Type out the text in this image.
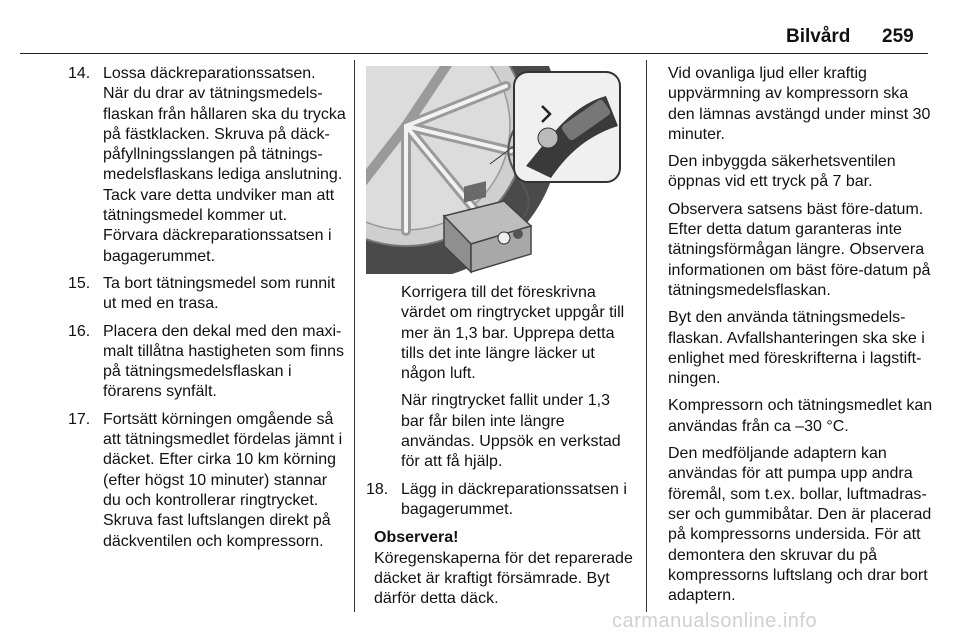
Bilvård 259
14. Lossa däckreparationssatsen.

När du drar av tätningsmedelsflaskan från hållaren ska du trycka på fästklacken. Skruva på däckpåfyllningsslangen på tätningsmedelsflaskans lediga anslutning. Tack vare detta undviker man att tätningsmedel kommer ut.

Förvara däckreparationssatsen i bagagerummet.

15. Ta bort tätningsmedel som runnit ut med en trasa.

16. Placera den dekal med den maximalt tillåtna hastigheten som finns på tätningsmedelsflaskan i förarens synfält.

17. Fortsätt körningen omgående så att tätningsmedlet fördelas jämnt i däcket. Efter cirka 10 km körning (efter högst 10 minuter) stannar du och kontrollerar ringtrycket. Skruva fast luftslangen direkt på däckventilen och kompressorn.

Korrigera till det föreskrivna värdet om ringtrycket uppgår till mer än 1,3 bar. Upprepa detta tills det inte längre läcker ut någon luft.

När ringtrycket fallit under 1,3 bar får bilen inte längre användas. Uppsök en verkstad för att få hjälp.

18. Lägg in däckreparationssatsen i bagagerummet.

Observera!

Köregenskaperna för det reparerade däcket är kraftigt försämrade. Byt därför detta däck.

Vid ovanliga ljud eller kraftig uppvärmning av kompressorn ska den lämnas avstängd under minst 30 minuter.

Den inbyggda säkerhetsventilen öppnas vid ett tryck på 7 bar.

Observera satsens bäst före-datum. Efter detta datum garanteras inte tätningsförmågan längre. Observera informationen om bäst före-datum på tätningsmedelsflaskan.

Byt den använda tätningsmedelsflaskan. Avfallshanteringen ska ske i enlighet med föreskrifterna i lagstiftningen.

Kompressorn och tätningsmedlet kan användas från ca –30 °C.

Den medföljande adaptern kan användas för att pumpa upp andra föremål, som t.ex. bollar, luftmadrasser och gummibåtar. Den är placerad på kompressorns undersida. För att demontera den skruvar du på kompressorns luftslang och drar bort adaptern.

carmanualsonline.info
